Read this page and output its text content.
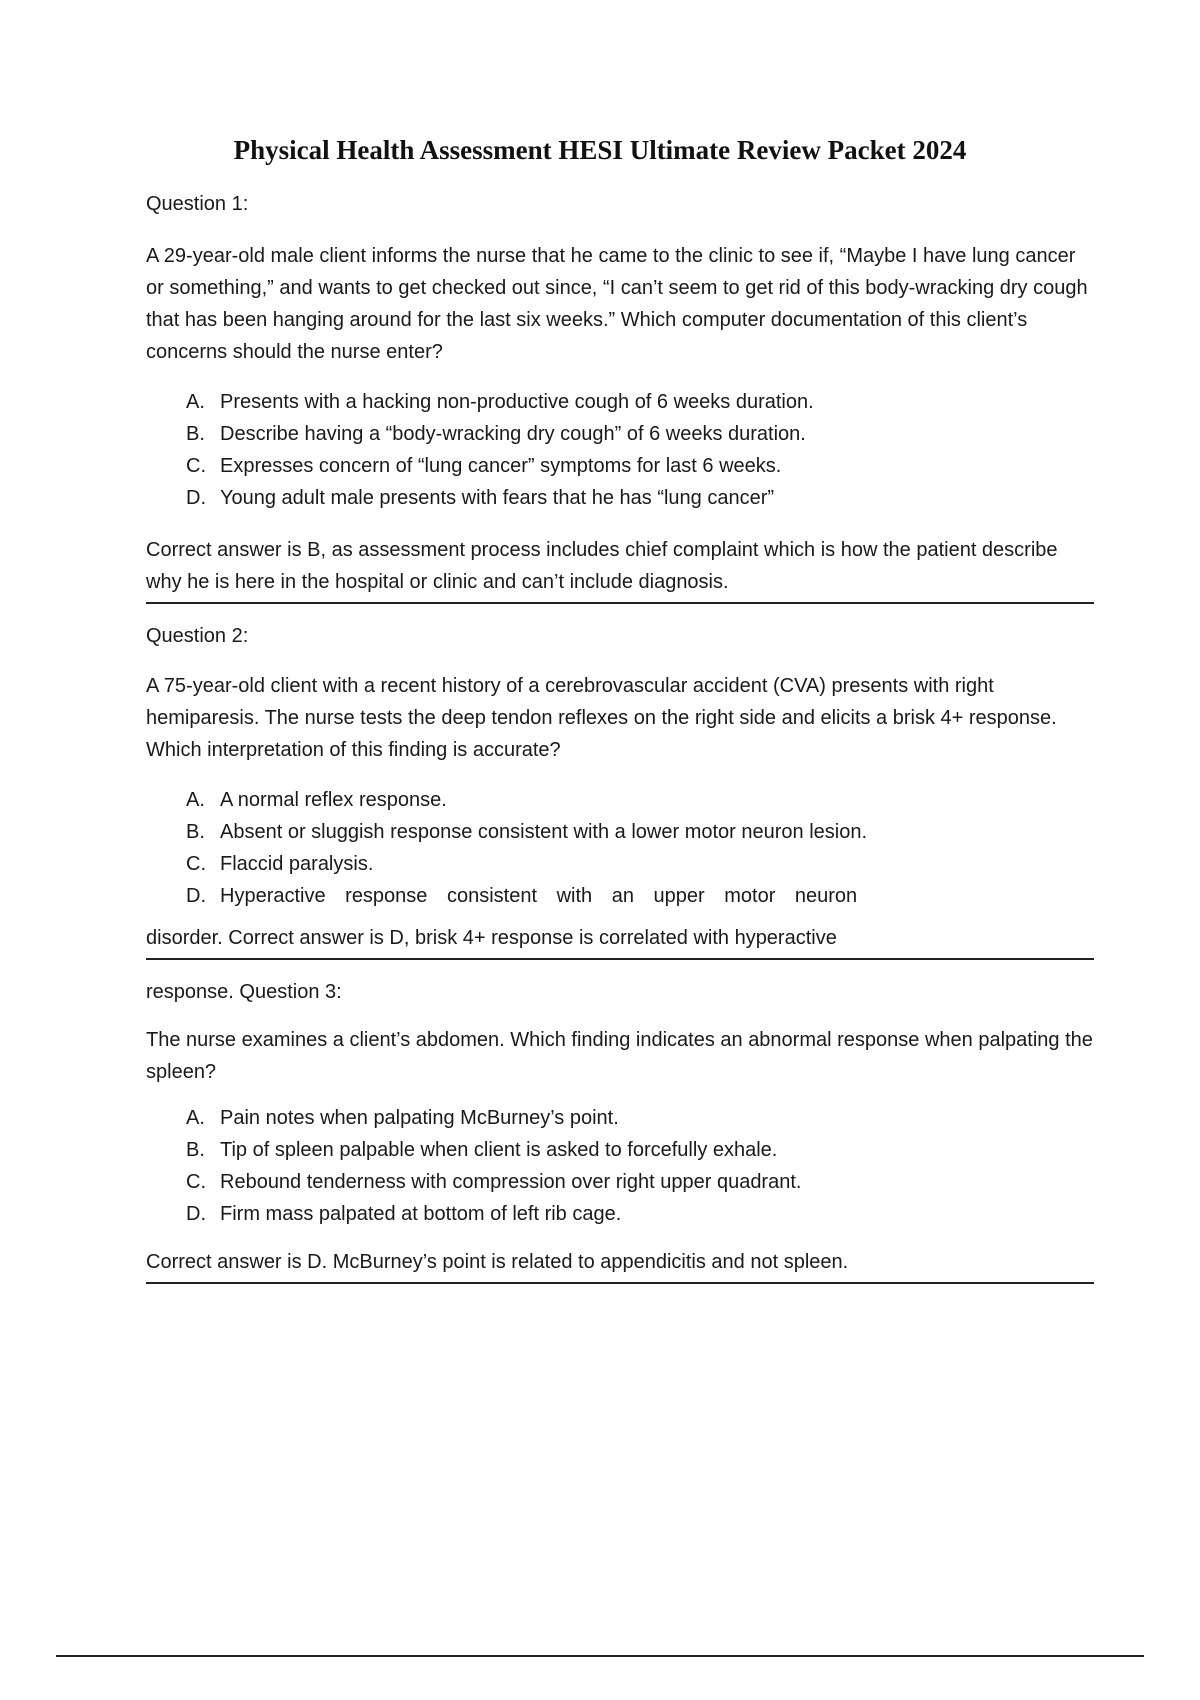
Physical Health Assessment HESI Ultimate Review Packet 2024

Question 1:

A 29-year-old male client informs the nurse that he came to the clinic to see if, “Maybe I have lung cancer or something,” and wants to get checked out since, “I can’t seem to get rid of this body-wracking dry cough that has been hanging around for the last six weeks.” Which computer documentation of this client’s concerns should the nurse enter?

A. Presents with a hacking non-productive cough of 6 weeks duration.
B. Describe having a “body-wracking dry cough” of 6 weeks duration.
C. Expresses concern of “lung cancer” symptoms for last 6 weeks.
D. Young adult male presents with fears that he has “lung cancer”

Correct answer is B, as assessment process includes chief complaint which is how the patient describe why he is here in the hospital or clinic and can’t include diagnosis.

Question 2:

A 75-year-old client with a recent history of a cerebrovascular accident (CVA) presents with right hemiparesis. The nurse tests the deep tendon reflexes on the right side and elicits a brisk 4+ response. Which interpretation of this finding is accurate?

A. A normal reflex response.
B. Absent or sluggish response consistent with a lower motor neuron lesion.
C. Flaccid paralysis.
D. Hyperactive response consistent with an upper motor neuron

disorder. Correct answer is D, brisk 4+ response is correlated with hyperactive

response. Question 3:

The nurse examines a client’s abdomen. Which finding indicates an abnormal response when palpating the spleen?

A. Pain notes when palpating McBurney’s point.
B. Tip of spleen palpable when client is asked to forcefully exhale.
C. Rebound tenderness with compression over right upper quadrant.
D. Firm mass palpated at bottom of left rib cage.

Correct answer is D. McBurney’s point is related to appendicitis and not spleen.
